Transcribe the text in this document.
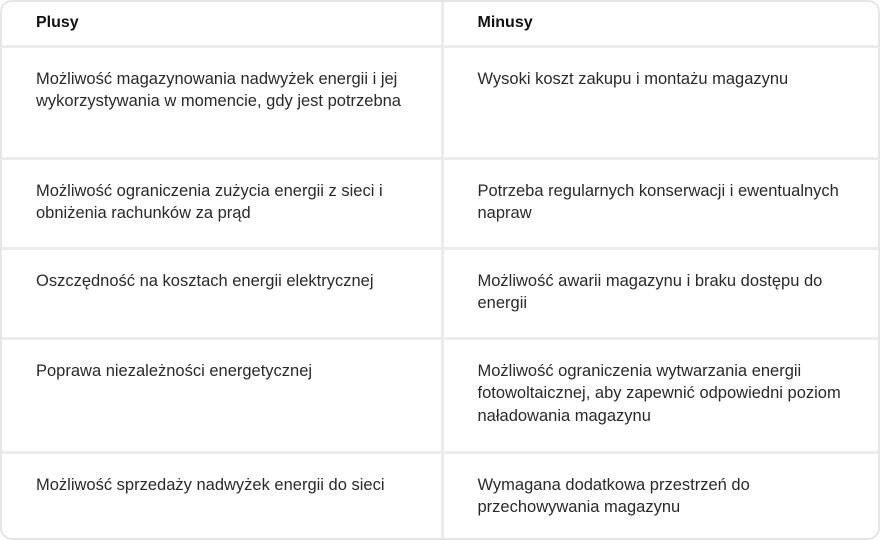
Plusy	Minusy
Możliwość magazynowania nadwyżek energii i jej wykorzystywania w momencie, gdy jest potrzebna	Wysoki koszt zakupu i montażu magazynu
Możliwość ograniczenia zużycia energii z sieci i obniżenia rachunków za prąd	Potrzeba regularnych konserwacji i ewentualnych napraw
Oszczędność na kosztach energii elektrycznej	Możliwość awarii magazynu i braku dostępu do energii
Poprawa niezależności energetycznej	Możliwość ograniczenia wytwarzania energii fotowoltaicznej, aby zapewnić odpowiedni poziom naładowania magazynu
Możliwość sprzedaży nadwyżek energii do sieci	Wymagana dodatkowa przestrzeń do przechowywania magazynu
